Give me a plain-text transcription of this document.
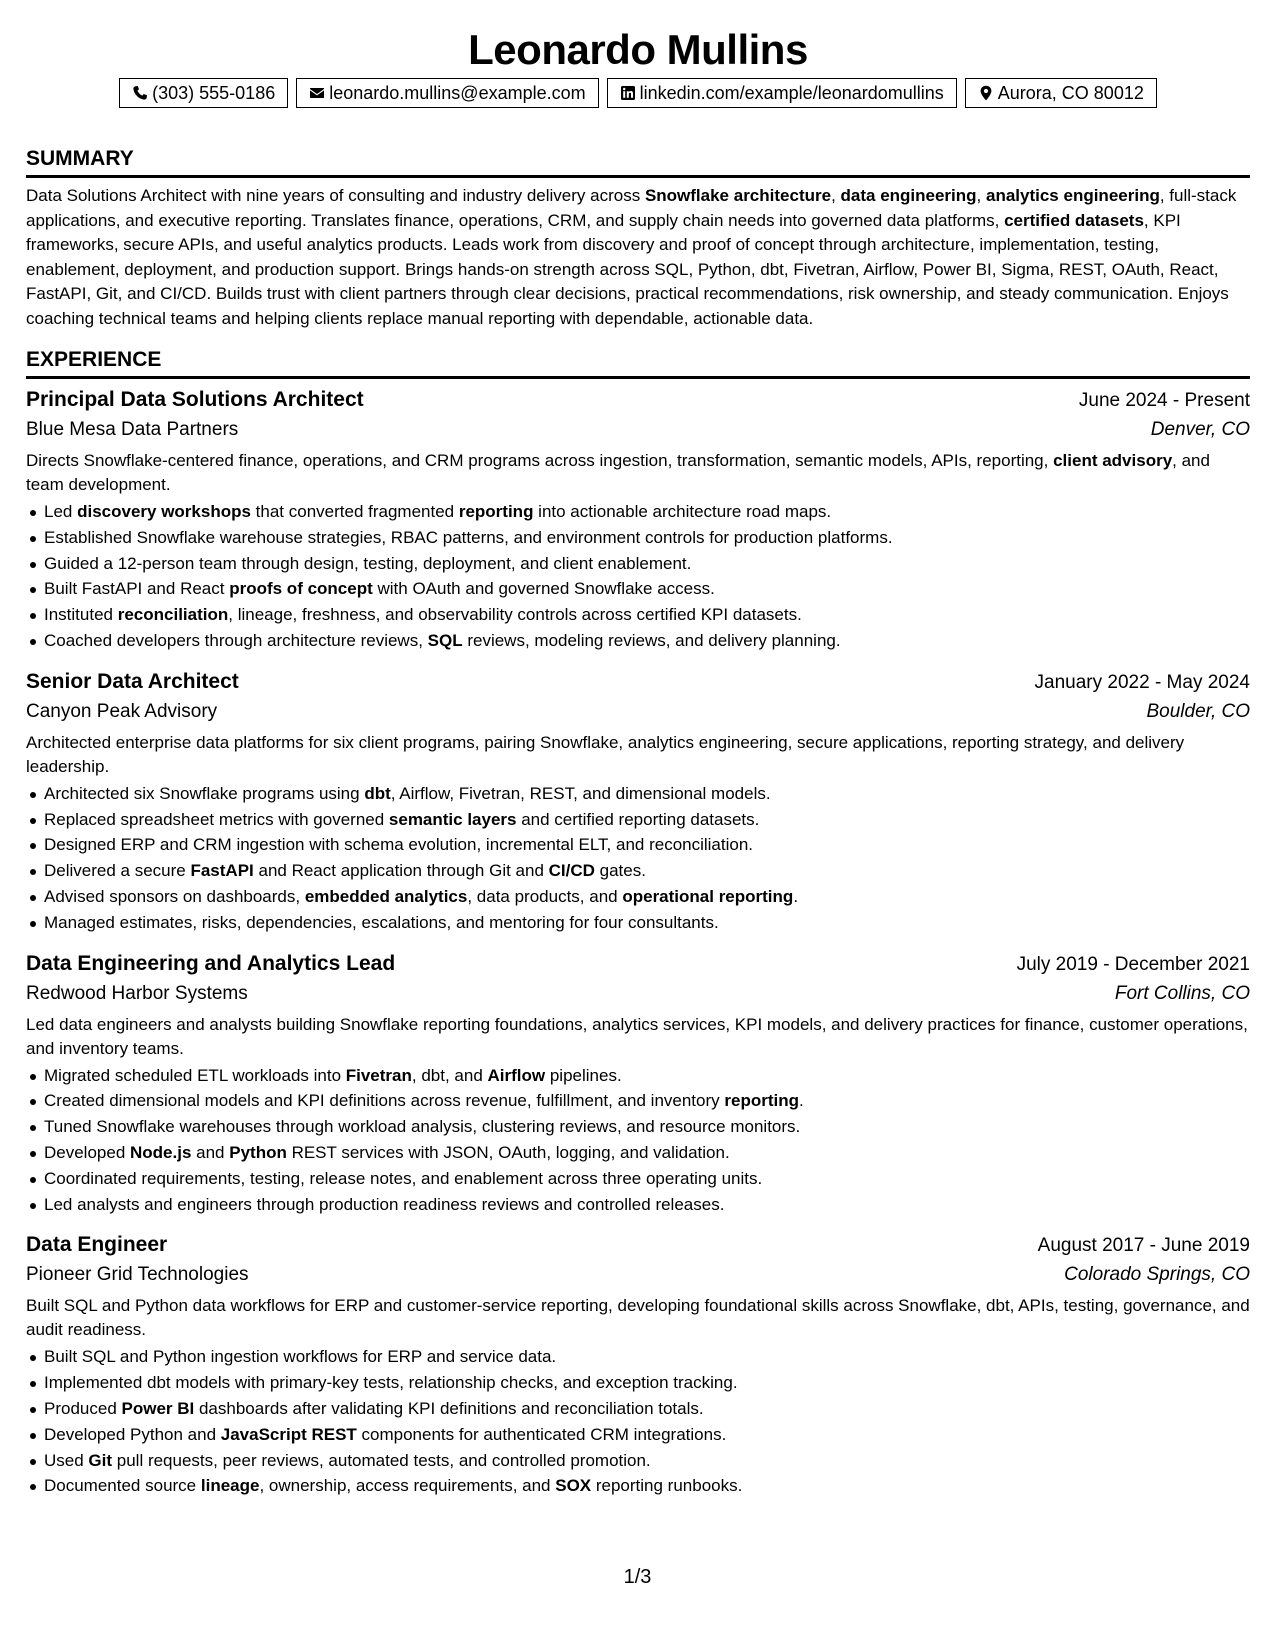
Leonardo Mullins
(303) 555-0186	leonardo.mullins@example.com	linkedin.com/example/leonardomullins	Aurora, CO 80012
SUMMARY

Data Solutions Architect with nine years of consulting and industry delivery across Snowflake architecture, data engineering, analytics engineering, full-stack applications, and executive reporting. Translates finance, operations, CRM, and supply chain needs into governed data platforms, certified datasets, KPI frameworks, secure APIs, and useful analytics products. Leads work from discovery and proof of concept through architecture, implementation, testing, enablement, deployment, and production support. Brings hands-on strength across SQL, Python, dbt, Fivetran, Airflow, Power BI, Sigma, REST, OAuth, React, FastAPI, Git, and CI/CD. Builds trust with client partners through clear decisions, practical recommendations, risk ownership, and steady communication. Enjoys coaching technical teams and helping clients replace manual reporting with dependable, actionable data.

EXPERIENCE
Principal Data Solutions Architect	June 2024 - Present
Blue Mesa Data Partners	Denver, CO

Directs Snowflake-centered finance, operations, and CRM programs across ingestion, transformation, semantic models, APIs, reporting, client advisory, and team development.

Led discovery workshops that converted fragmented reporting into actionable architecture road maps.
Established Snowflake warehouse strategies, RBAC patterns, and environment controls for production platforms.
Guided a 12-person team through design, testing, deployment, and client enablement.
Built FastAPI and React proofs of concept with OAuth and governed Snowflake access.
Instituted reconciliation, lineage, freshness, and observability controls across certified KPI datasets.
Coached developers through architecture reviews, SQL reviews, modeling reviews, and delivery planning.
Senior Data Architect	January 2022 - May 2024
Canyon Peak Advisory	Boulder, CO

Architected enterprise data platforms for six client programs, pairing Snowflake, analytics engineering, secure applications, reporting strategy, and delivery leadership.

Architected six Snowflake programs using dbt, Airflow, Fivetran, REST, and dimensional models.
Replaced spreadsheet metrics with governed semantic layers and certified reporting datasets.
Designed ERP and CRM ingestion with schema evolution, incremental ELT, and reconciliation.
Delivered a secure FastAPI and React application through Git and CI/CD gates.
Advised sponsors on dashboards, embedded analytics, data products, and operational reporting.
Managed estimates, risks, dependencies, escalations, and mentoring for four consultants.
Data Engineering and Analytics Lead	July 2019 - December 2021
Redwood Harbor Systems	Fort Collins, CO

Led data engineers and analysts building Snowflake reporting foundations, analytics services, KPI models, and delivery practices for finance, customer operations, and inventory teams.

Migrated scheduled ETL workloads into Fivetran, dbt, and Airflow pipelines.
Created dimensional models and KPI definitions across revenue, fulfillment, and inventory reporting.
Tuned Snowflake warehouses through workload analysis, clustering reviews, and resource monitors.
Developed Node.js and Python REST services with JSON, OAuth, logging, and validation.
Coordinated requirements, testing, release notes, and enablement across three operating units.
Led analysts and engineers through production readiness reviews and controlled releases.
Data Engineer	August 2017 - June 2019
Pioneer Grid Technologies	Colorado Springs, CO

Built SQL and Python data workflows for ERP and customer-service reporting, developing foundational skills across Snowflake, dbt, APIs, testing, governance, and audit readiness.

Built SQL and Python ingestion workflows for ERP and service data.
Implemented dbt models with primary-key tests, relationship checks, and exception tracking.
Produced Power BI dashboards after validating KPI definitions and reconciliation totals.
Developed Python and JavaScript REST components for authenticated CRM integrations.
Used Git pull requests, peer reviews, automated tests, and controlled promotion.
Documented source lineage, ownership, access requirements, and SOX reporting runbooks.
1/3
